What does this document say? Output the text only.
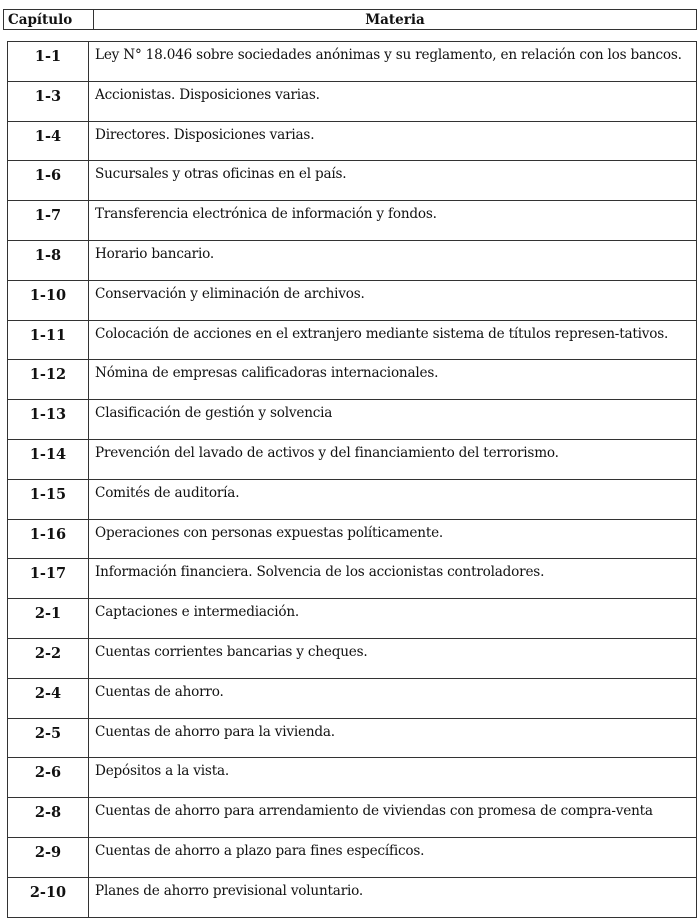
Capítulo	Materia
1-1	Ley N° 18.046 sobre sociedades anónimas y su reglamento, en relación con los bancos.
1-3	Accionistas. Disposiciones varias.
1-4	Directores. Disposiciones varias.
1-6	Sucursales y otras oficinas en el país.
1-7	Transferencia electrónica de información y fondos.
1-8	Horario bancario.
1-10	Conservación y eliminación de archivos.
1-11	Colocación de acciones en el extranjero mediante sistema de títulos represen-tativos.
1-12	Nómina de empresas calificadoras internacionales.
1-13	Clasificación de gestión y solvencia
1-14	Prevención del lavado de activos y del financiamiento del terrorismo.
1-15	Comités de auditoría.
1-16	Operaciones con personas expuestas políticamente.
1-17	Información financiera. Solvencia de los accionistas controladores.
2-1	Captaciones e intermediación.
2-2	Cuentas corrientes bancarias y cheques.
2-4	Cuentas de ahorro.
2-5	Cuentas de ahorro para la vivienda.
2-6	Depósitos a la vista.
2-8	Cuentas de ahorro para arrendamiento de viviendas con promesa de compra-venta
2-9	Cuentas de ahorro a plazo para fines específicos.
2-10	Planes de ahorro previsional voluntario.
